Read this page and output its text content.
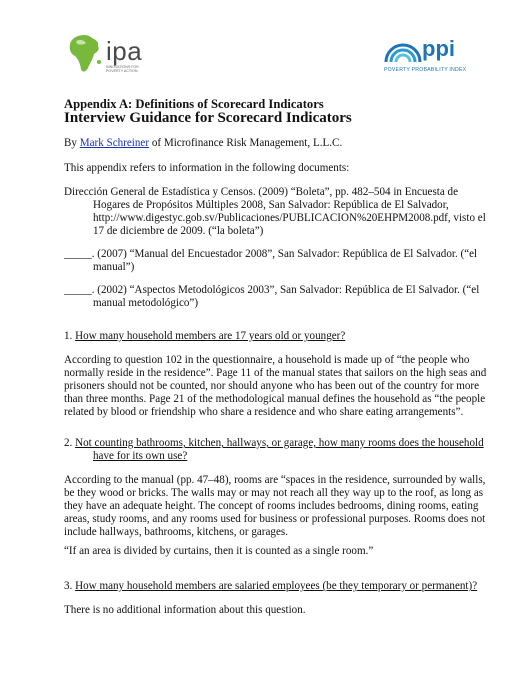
ipa
INNOVATIONS FOR POVERTY ACTION
ppi
POVERTY PROBABILITY INDEX
Appendix A: Definitions of Scorecard Indicators
Interview Guidance for Scorecard Indicators
By Mark Schreiner of Microfinance Risk Management, L.L.C.
This appendix refers to information in the following documents:
Dirección General de Estadística y Censos. (2009) “Boleta”, pp. 482–504 in Encuesta de
Hogares de Propósitos Múltiples 2008, San Salvador: República de El Salvador,
http://www.digestyc.gob.sv/Publicaciones/PUBLICACION%20EHPM2008.pdf, visto el
17 de diciembre de 2009. (“la boleta”)
_____. (2007) “Manual del Encuestador 2008”, San Salvador: República de El Salvador. (“el
manual”)
_____. (2002) “Aspectos Metodológicos 2003”, San Salvador: República de El Salvador. (“el
manual metodológico”)
1. How many household members are 17 years old or younger?
According to question 102 in the questionnaire, a household is made up of “the people who
normally reside in the residence”. Page 11 of the manual states that sailors on the high seas and
prisoners should not be counted, nor should anyone who has been out of the country for more
than three months. Page 21 of the methodological manual defines the household as “the people
related by blood or friendship who share a residence and who share eating arrangements”.
2. Not counting bathrooms, kitchen, hallways, or garage, how many rooms does the household
have for its own use?
According to the manual (pp. 47–48), rooms are “spaces in the residence, surrounded by walls,
be they wood or bricks. The walls may or may not reach all they way up to the roof, as long as
they have an adequate height. The concept of rooms includes bedrooms, dining rooms, eating
areas, study rooms, and any rooms used for business or professional purposes. Rooms does not
include hallways, bathrooms, kitchens, or garages.
“If an area is divided by curtains, then it is counted as a single room.”
3. How many household members are salaried employees (be they temporary or permanent)?
There is no additional information about this question.
